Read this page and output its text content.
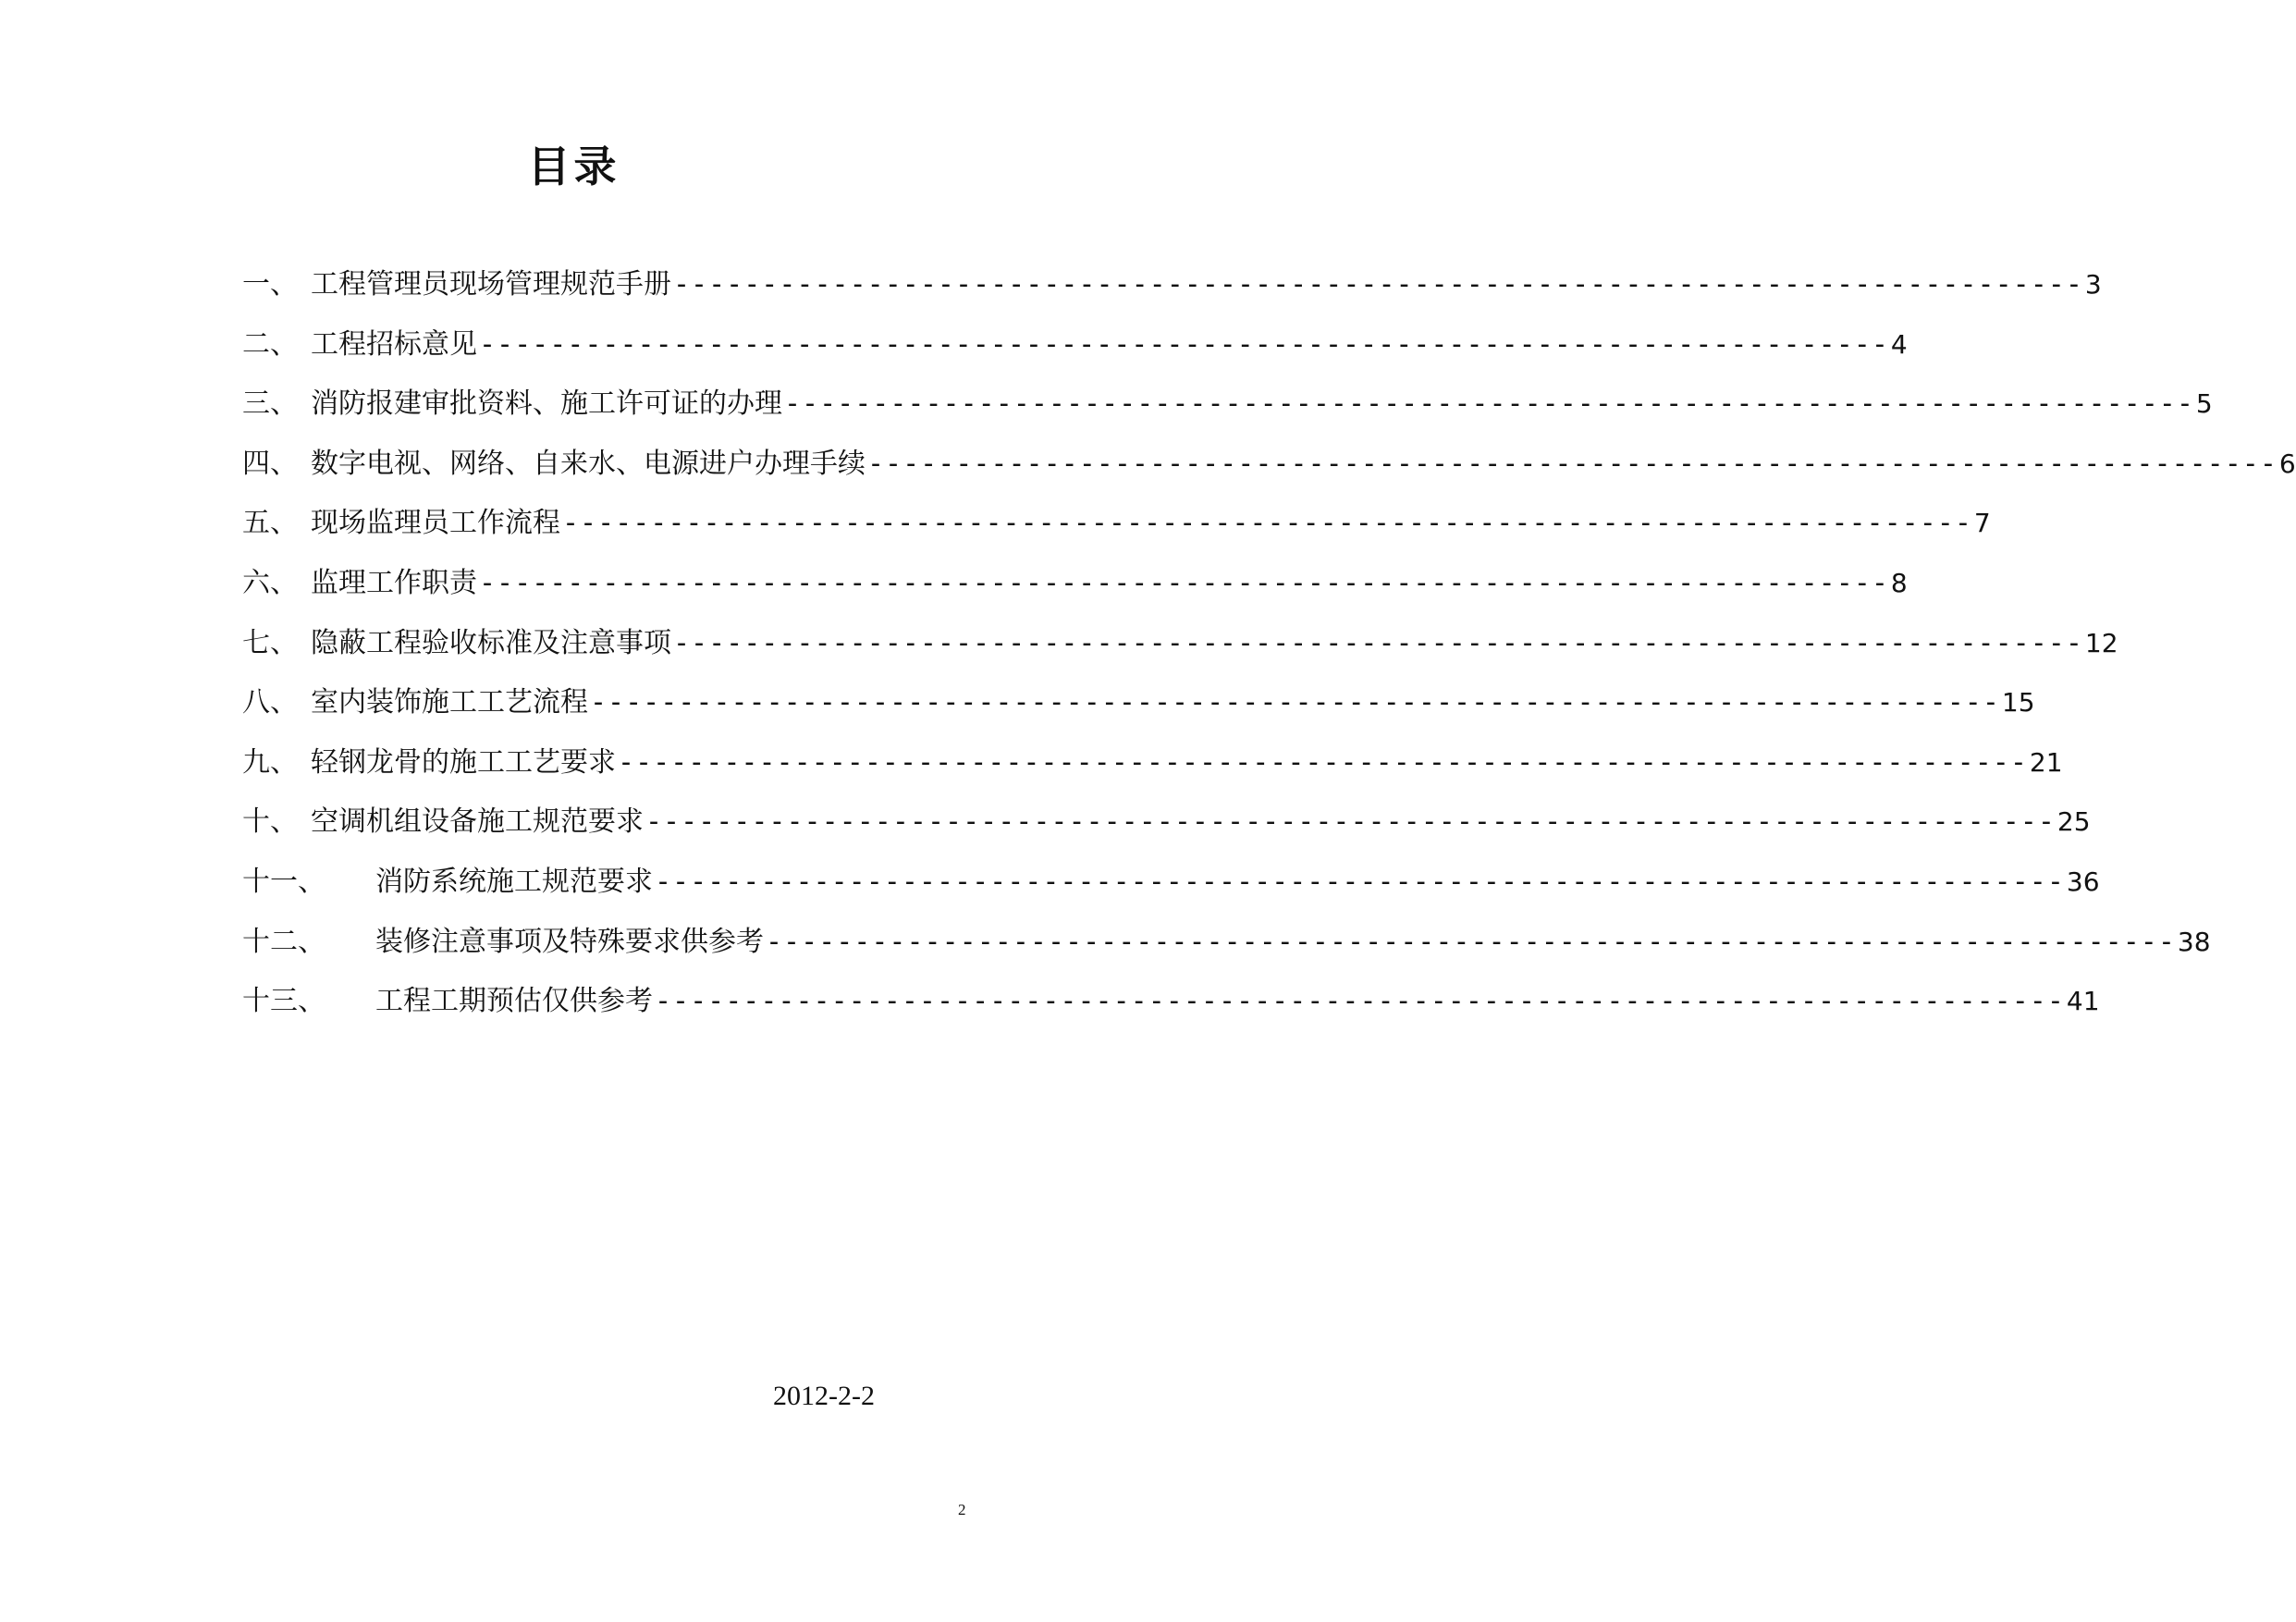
目录
一、 工程管理员现场管理规范手册 -------------------------------------------------------------------------------- 3
二、 工程招标意见 -------------------------------------------------------------------------------- 4
三、 消防报建审批资料、施工许可证的办理 -------------------------------------------------------------------------------- 5
四、 数字电视、网络、自来水、电源进户办理手续 -------------------------------------------------------------------------------- 6
五、 现场监理员工作流程 -------------------------------------------------------------------------------- 7
六、 监理工作职责 -------------------------------------------------------------------------------- 8
七、 隐蔽工程验收标准及注意事项 -------------------------------------------------------------------------------- 12
八、 室内装饰施工工艺流程 -------------------------------------------------------------------------------- 15
九、 轻钢龙骨的施工工艺要求 -------------------------------------------------------------------------------- 21
十、 空调机组设备施工规范要求 -------------------------------------------------------------------------------- 25
十一、	消防系统施工规范要求 -------------------------------------------------------------------------------- 36
十二、	装修注意事项及特殊要求供参考 -------------------------------------------------------------------------------- 38
十三、	工程工期预估仅供参考 -------------------------------------------------------------------------------- 41
2012-2-2
2
